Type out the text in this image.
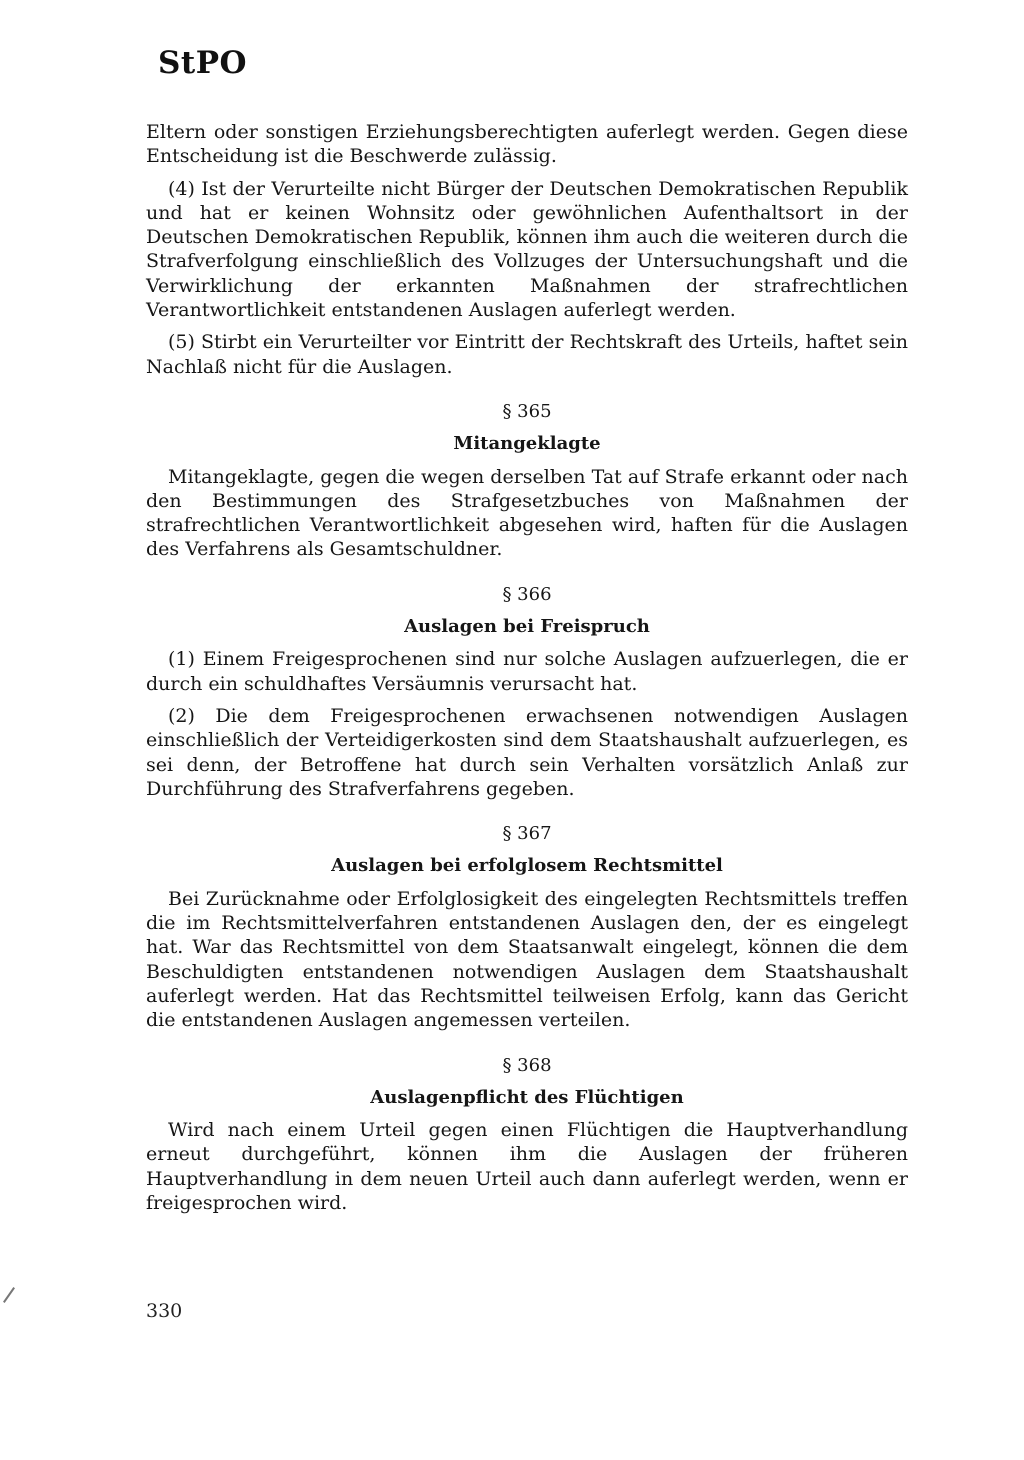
StPO

Eltern oder sonstigen Erziehungsberechtigten auferlegt werden. Gegen diese Entscheidung ist die Beschwerde zulässig.

(4) Ist der Verurteilte nicht Bürger der Deutschen Demokratischen Republik und hat er keinen Wohnsitz oder gewöhnlichen Aufenthaltsort in der Deutschen Demokratischen Republik, können ihm auch die weiteren durch die Strafverfolgung einschließlich des Vollzuges der Untersuchungshaft und die Verwirklichung der erkannten Maßnahmen der strafrechtlichen Verantwortlichkeit entstandenen Auslagen auferlegt werden.

(5) Stirbt ein Verurteilter vor Eintritt der Rechtskraft des Urteils, haftet sein Nachlaß nicht für die Auslagen.

§ 365
Mitangeklagte

Mitangeklagte, gegen die wegen derselben Tat auf Strafe erkannt oder nach den Bestimmungen des Strafgesetzbuches von Maßnahmen der strafrechtlichen Verantwortlichkeit abgesehen wird, haften für die Auslagen des Verfahrens als Gesamtschuldner.

§ 366
Auslagen bei Freispruch

(1) Einem Freigesprochenen sind nur solche Auslagen aufzuerlegen, die er durch ein schuldhaftes Versäumnis verursacht hat.

(2) Die dem Freigesprochenen erwachsenen notwendigen Auslagen einschließlich der Verteidigerkosten sind dem Staatshaushalt aufzuerlegen, es sei denn, der Betroffene hat durch sein Verhalten vorsätzlich Anlaß zur Durchführung des Strafverfahrens gegeben.

§ 367
Auslagen bei erfolglosem Rechtsmittel

Bei Zurücknahme oder Erfolglosigkeit des eingelegten Rechtsmittels treffen die im Rechtsmittelverfahren entstandenen Auslagen den, der es eingelegt hat. War das Rechtsmittel von dem Staatsanwalt eingelegt, können die dem Beschuldigten entstandenen notwendigen Auslagen dem Staatshaushalt auferlegt werden. Hat das Rechtsmittel teilweisen Erfolg, kann das Gericht die entstandenen Auslagen angemessen verteilen.

§ 368
Auslagenpflicht des Flüchtigen

Wird nach einem Urteil gegen einen Flüchtigen die Hauptverhandlung erneut durchgeführt, können ihm die Auslagen der früheren Hauptverhandlung in dem neuen Urteil auch dann auferlegt werden, wenn er freigesprochen wird.

330
